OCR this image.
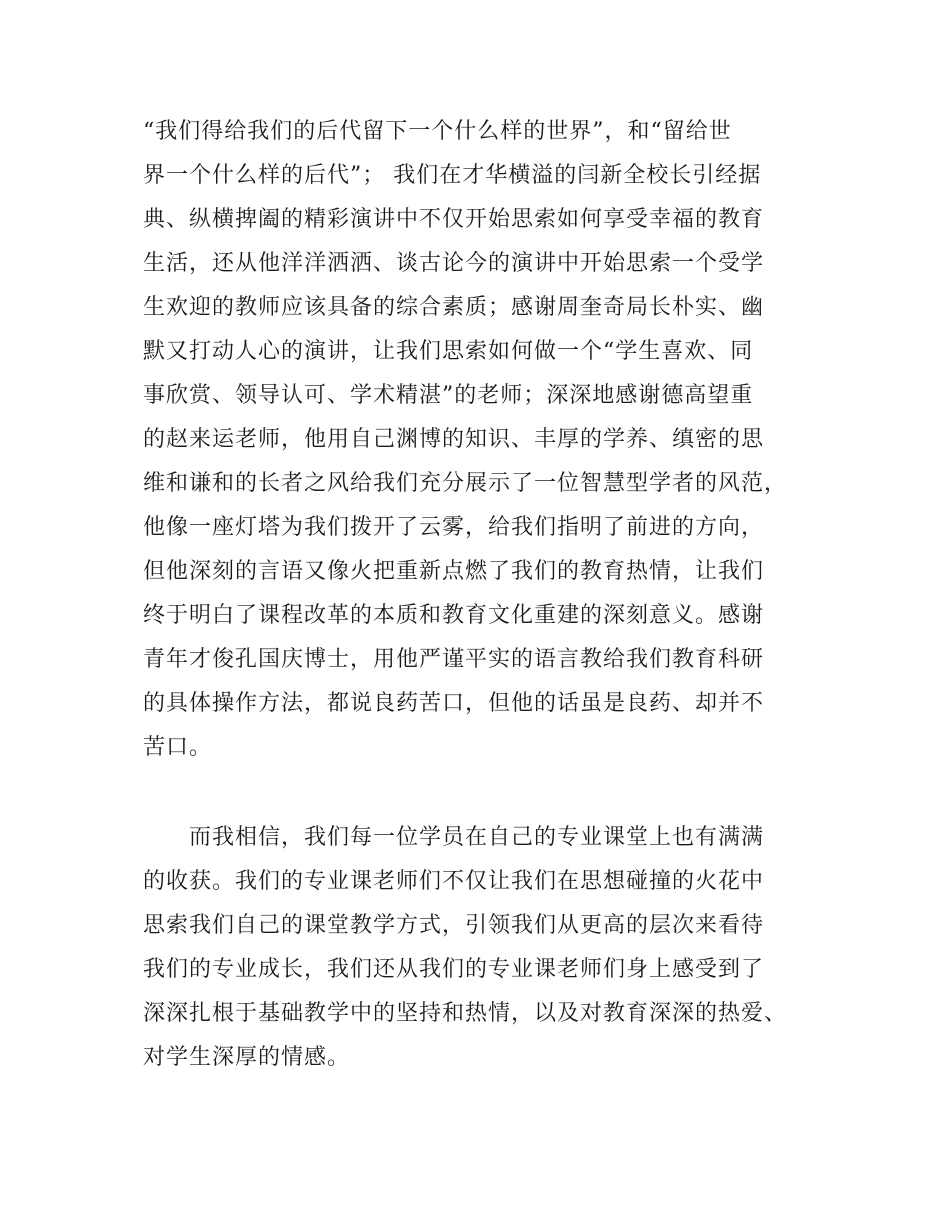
“我们得给我们的后代留下一个什么样的世界”，和“留给世
界一个什么样的后代”； 我们在才华横溢的闫新全校长引经据
典、纵横捭阖的精彩演讲中不仅开始思索如何享受幸福的教育
生活，还从他洋洋洒洒、谈古论今的演讲中开始思索一个受学
生欢迎的教师应该具备的综合素质；感谢周奎奇局长朴实、幽
默又打动人心的演讲，让我们思索如何做一个“学生喜欢、同
事欣赏、领导认可、学术精湛”的老师；深深地感谢德高望重
的赵来运老师，他用自己渊博的知识、丰厚的学养、缜密的思
维和谦和的长者之风给我们充分展示了一位智慧型学者的风范，
他像一座灯塔为我们拨开了云雾，给我们指明了前进的方向，
但他深刻的言语又像火把重新点燃了我们的教育热情，让我们
终于明白了课程改革的本质和教育文化重建的深刻意义。感谢
青年才俊孔国庆博士，用他严谨平实的语言教给我们教育科研
的具体操作方法，都说良药苦口，但他的话虽是良药、却并不
苦口。
而我相信，我们每一位学员在自己的专业课堂上也有满满
的收获。我们的专业课老师们不仅让我们在思想碰撞的火花中
思索我们自己的课堂教学方式，引领我们从更高的层次来看待
我们的专业成长，我们还从我们的专业课老师们身上感受到了
深深扎根于基础教学中的坚持和热情，以及对教育深深的热爱、
对学生深厚的情感。
